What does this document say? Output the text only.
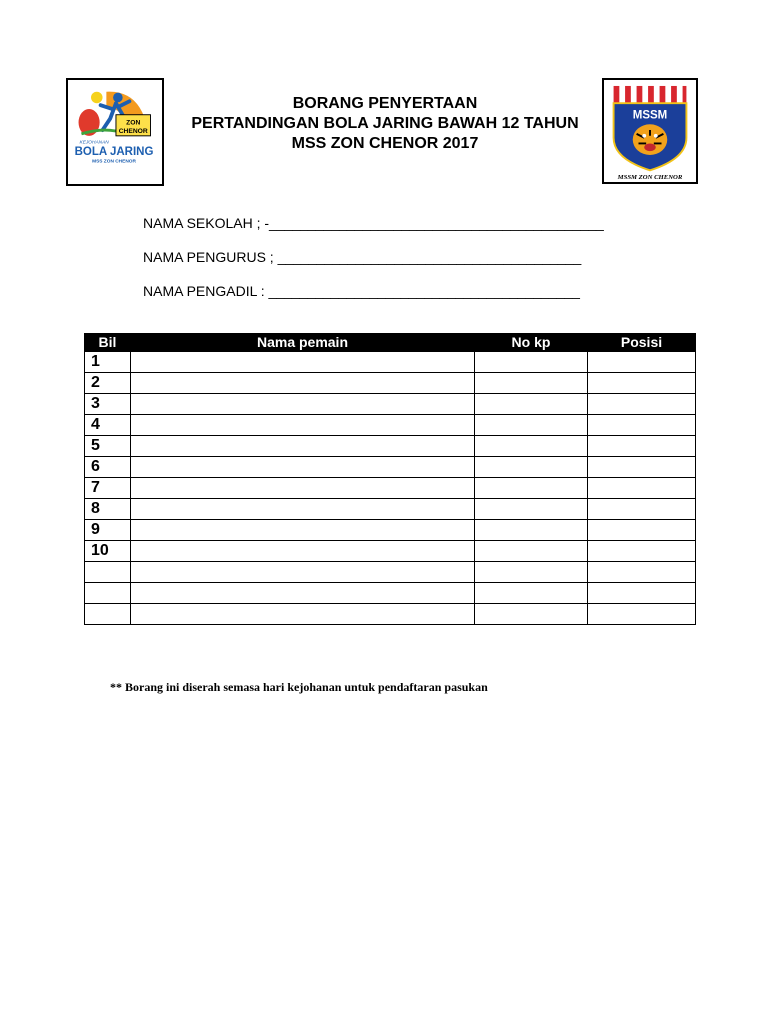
ZON
CHENOR
KEJOHANAN
BOLA JARING
MSS ZON CHENOR
BORANG PENYERTAAN
PERTANDINGAN BOLA JARING BAWAH 12 TAHUN
MSS ZON CHENOR 2017
MSSM
MSSM ZON CHENOR
NAMA SEKOLAH ; -___________________________________________
NAMA PENGURUS ; _______________________________________
NAMA PENGADIL : ________________________________________
Bil	Nama pemain	No kp	Posisi
1			
2			
3			
4			
5			
6			
7			
8			
9			
10			

** Borang ini diserah semasa hari kejohanan untuk pendaftaran pasukan
